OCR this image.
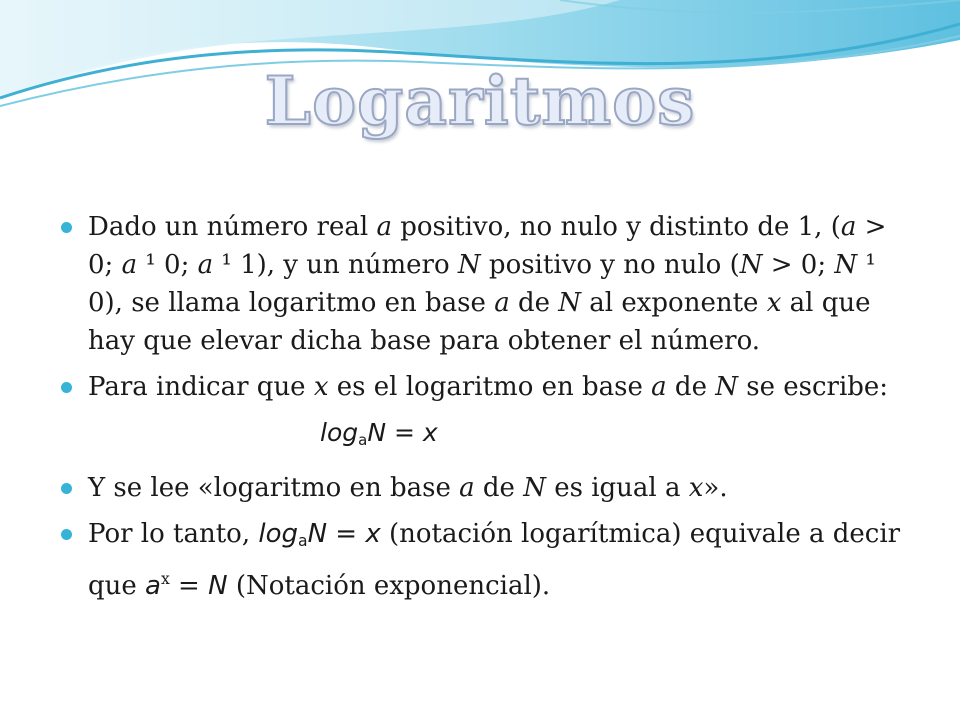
Logaritmos
Dado un número real a positivo, no nulo y distinto de 1, (a > 0; a ¹ 0; a ¹ 1), y un número N positivo y no nulo (N > 0; N ¹ 0), se llama logaritmo en base a de N al exponente x al que hay que elevar dicha base para obtener el número.
Para indicar que x es el logaritmo en base a de N se escribe:
$\log_aN = x$
Y se lee «logaritmo en base a de N es igual a x».
Por lo tanto, $\log_aN = x$ (notación logarítmica) equivale a decir que $a^x = N$ (Notación exponencial).
